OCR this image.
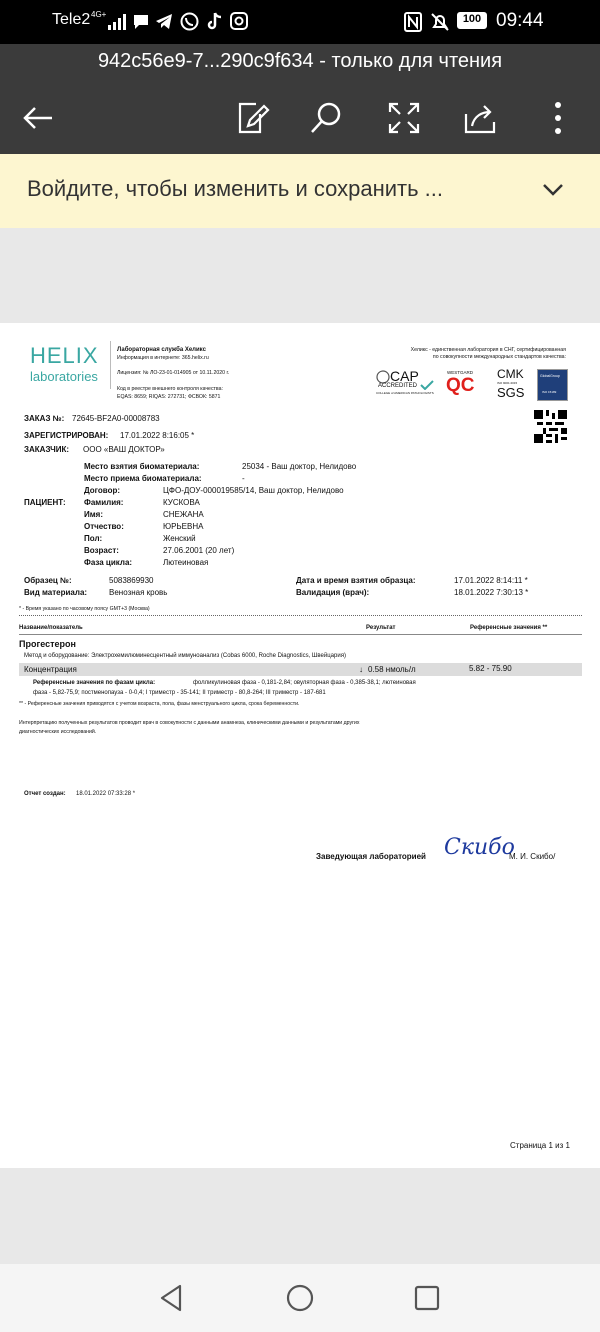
Tele2 4G+	100 09:44
942c56e9-7...290c9f634 - только для чтения
Войдите, чтобы изменить и сохранить ...
HELIX
laboratories
Лабораторная служба Хеликс
Информация в интернете: 365.helix.ru
Лицензия: № ЛО-23-01-014905 от 10.11.2020 г.
Код в реестре внешнего контроля качества:
EQAS: 8659; RIQAS: 272731; ФСВОК: 5871
Хеликс - единственная лаборатория в СНГ, сертифицированная
по совокупности международных стандартов качества:
CAP
ACCREDITED
COLLEGE of AMERICAN PATHOLOGISTS
WESTGARD
QC
CMK
ISO 9001:2015
SGS
GlobalGroup
ISO 15189
ЗАКАЗ №: 72645-BF2A0-00008783
ЗАРЕГИСТРИРОВАН: 17.01.2022 8:16:05 *
ЗАКАЗЧИК: ООО «ВАШ ДОКТОР»
Место взятия биоматериала:	25034 - Ваш доктор, Нелидово
Место приема биоматериала:	-
Договор:	ЦФО-ДОУ-000019585/14, Ваш доктор, Нелидово
ПАЦИЕНТ: Фамилия:	КУСКОВА
Имя:	СНЕЖАНА
Отчество:	ЮРЬЕВНА
Пол:	Женский
Возраст:	27.06.2001 (20 лет)
Фаза цикла:	Лютеиновая
Образец №:	5083869930
Вид материала:	Венозная кровь
Дата и время взятия образца:	17.01.2022 8:14:11 *
Валидация (врач):	18.01.2022 7:30:13 *
* - Время указано по часовому поясу GMT+3 (Москва)
Название/показатель	Результат	Референсные значения **
Прогестерон
Метод и оборудование: Электрохемилюминесцентный иммуноанализ (Cobas 6000, Roche Diagnostics, Швейцария)
Концентрация	↓ 0.58 нмоль/л	5.82 - 75.90
Референсные значения по фазам цикла:	фолликулиновая фаза - 0,181-2,84; овуляторная фаза - 0,385-38,1; лютеиновая
фаза - 5,82-75,9; постменопауза - 0-0,4; I триместр - 35-141; II триместр - 80,8-264; III триместр - 187-681
** - Референсные значения приводятся с учетом возраста, пола, фазы менструального цикла, срока беременности.
Интерпретацию полученных результатов проводит врач в совокупности с данными анамнеза, клиническими данными и результатами других
диагностических исследований.
Отчет создан: 18.01.2022 07:33:28 *
Заведующая лабораторией Скибо
М. И. Скибо/
Страница 1 из 1
